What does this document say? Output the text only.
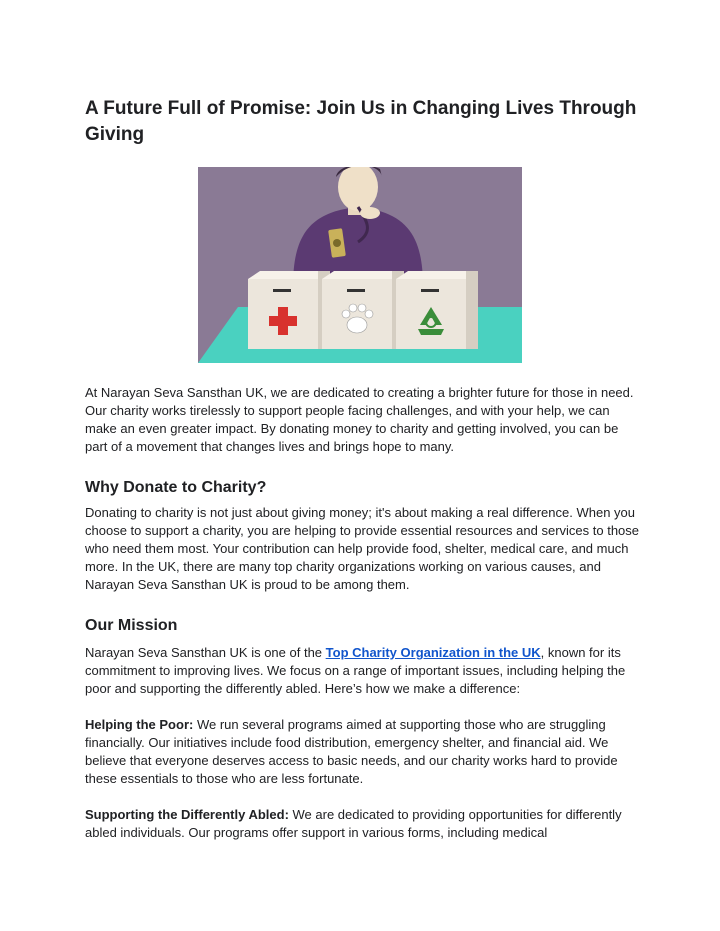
A Future Full of Promise: Join Us in Changing Lives Through Giving

At Narayan Seva Sansthan UK, we are dedicated to creating a brighter future for those in need. Our charity works tirelessly to support people facing challenges, and with your help, we can make an even greater impact. By donating money to charity and getting involved, you can be part of a movement that changes lives and brings hope to many.

Why Donate to Charity?

Donating to charity is not just about giving money; it's about making a real difference. When you choose to support a charity, you are helping to provide essential resources and services to those who need them most. Your contribution can help provide food, shelter, medical care, and much more. In the UK, there are many top charity organizations working on various causes, and Narayan Seva Sansthan UK is proud to be among them.

Our Mission

Narayan Seva Sansthan UK is one of the Top Charity Organization in the UK, known for its commitment to improving lives. We focus on a range of important issues, including helping the poor and supporting the differently abled. Here’s how we make a difference:

Helping the Poor: We run several programs aimed at supporting those who are struggling financially. Our initiatives include food distribution, emergency shelter, and financial aid. We believe that everyone deserves access to basic needs, and our charity works hard to provide these essentials to those who are less fortunate.

Supporting the Differently Abled: We are dedicated to providing opportunities for differently abled individuals. Our programs offer support in various forms, including medical
